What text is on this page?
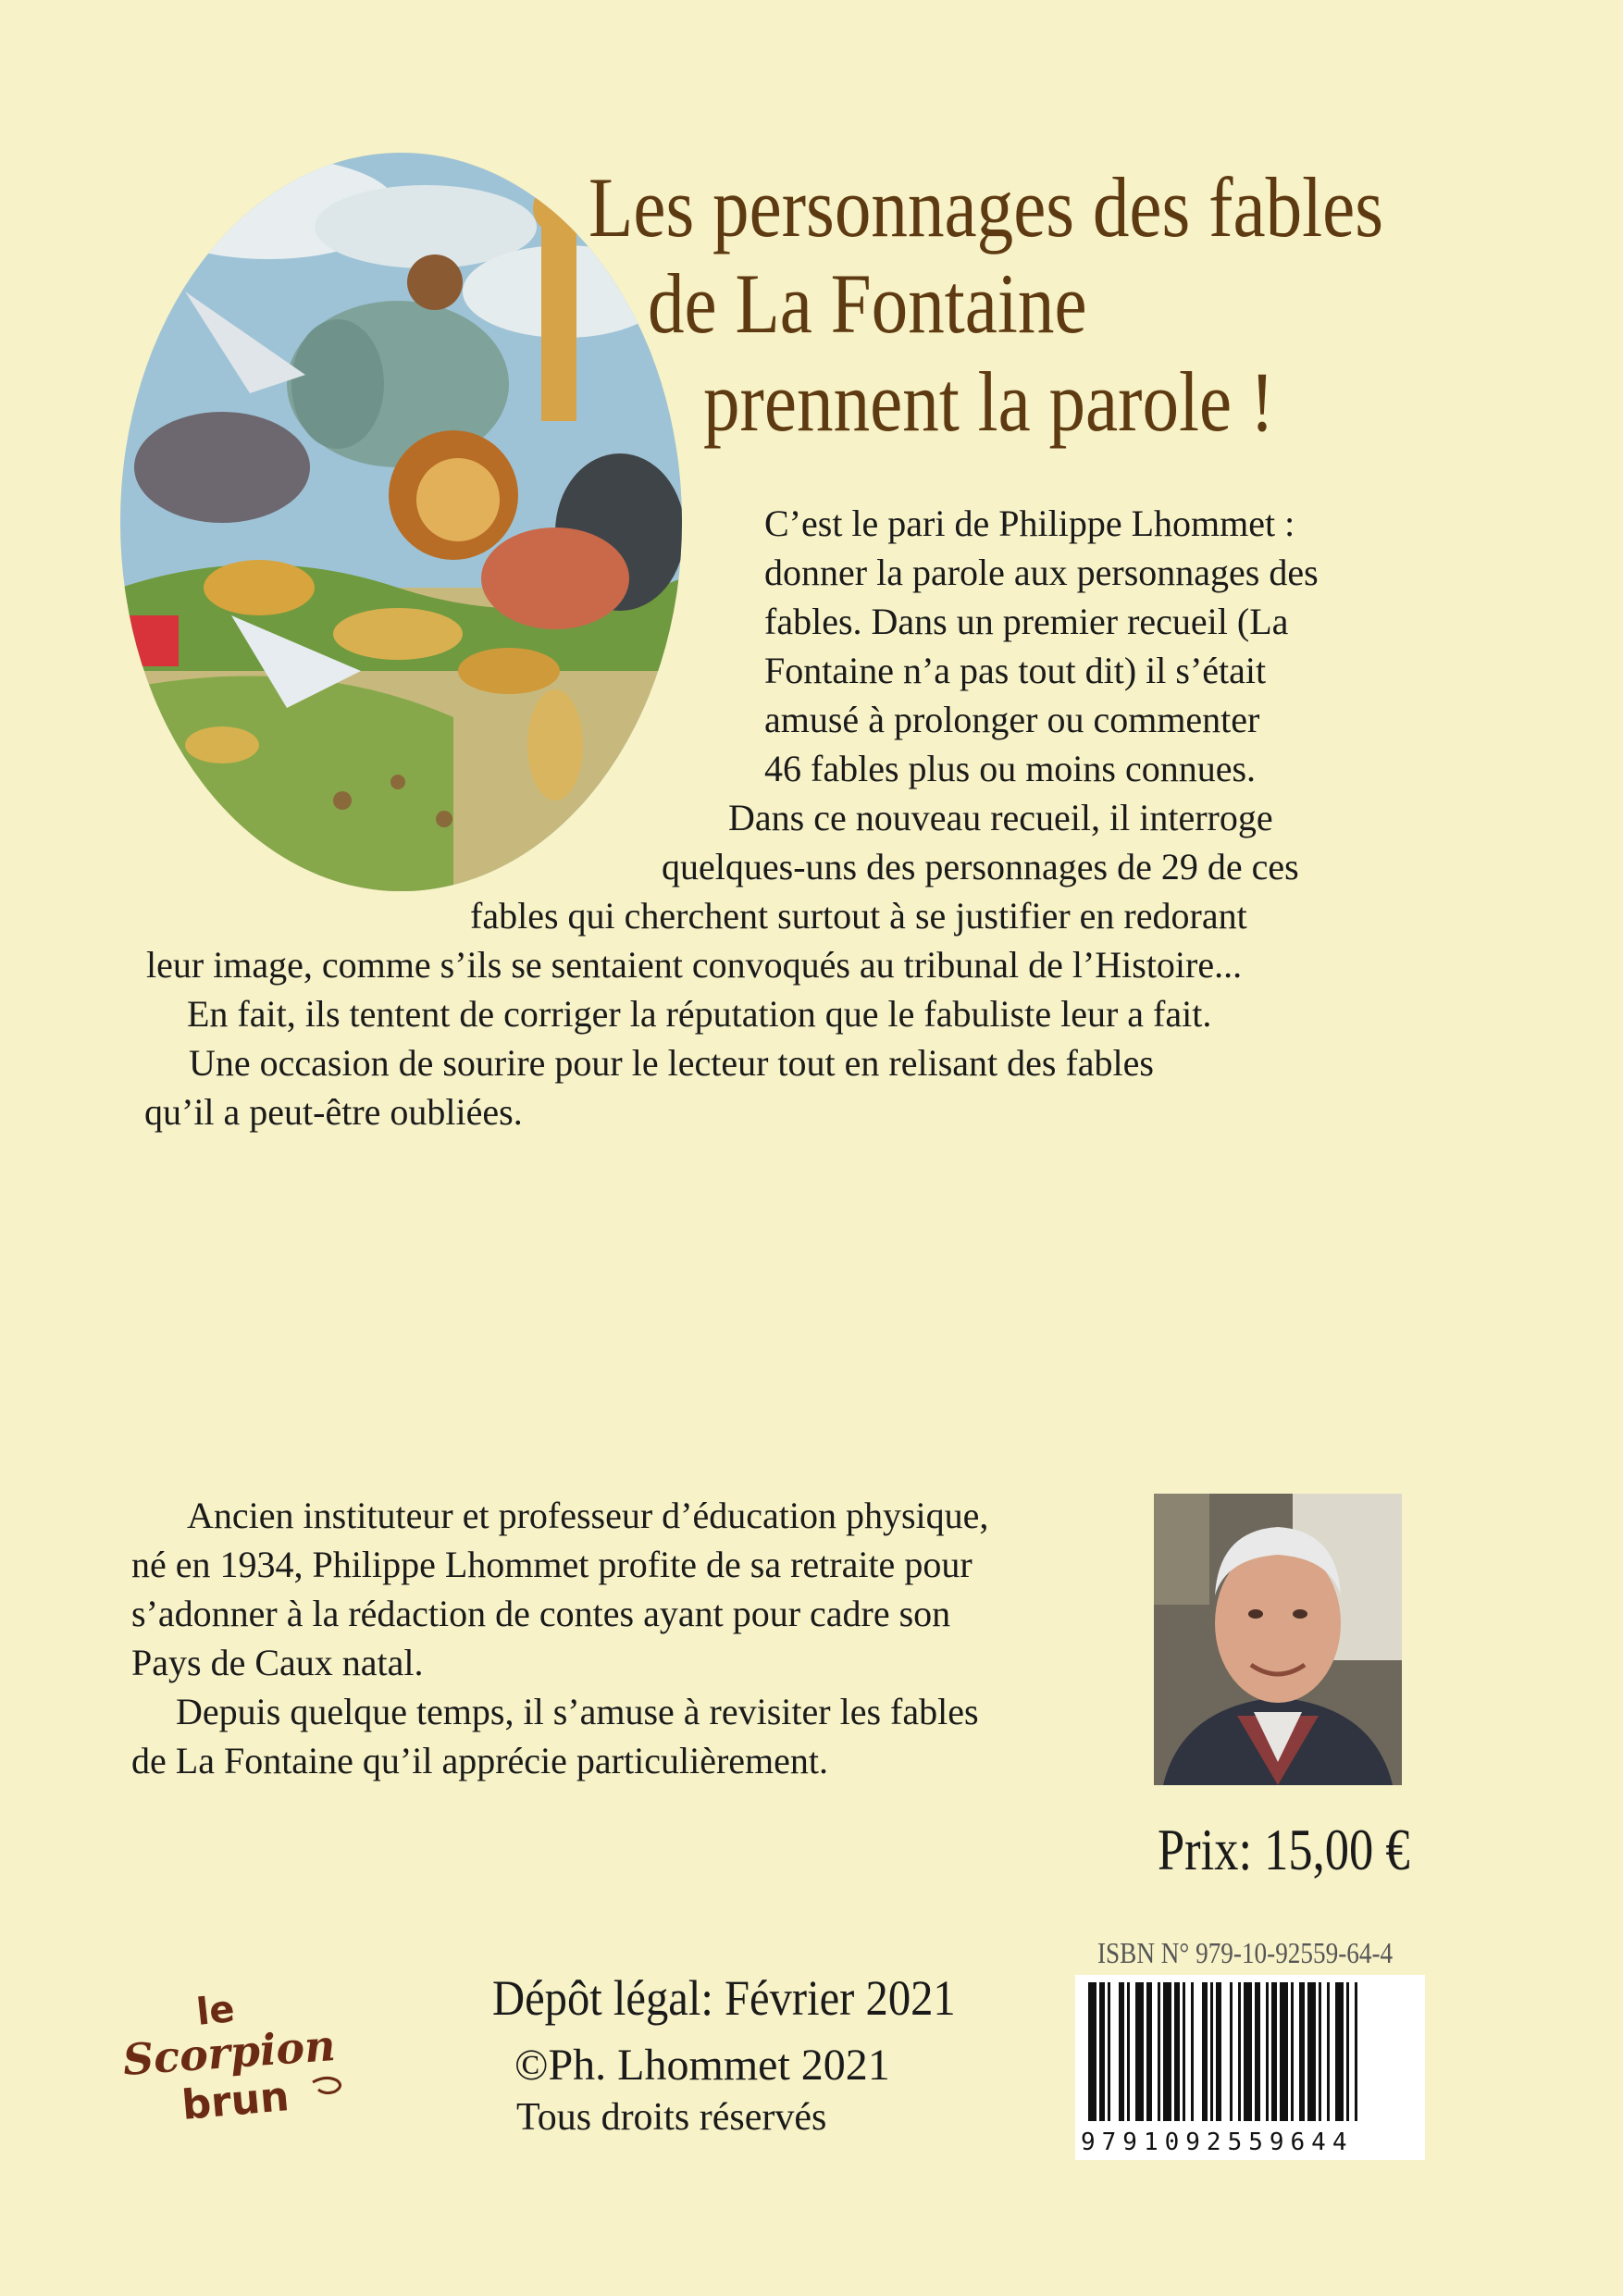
Les personnages des fables
de La Fontaine
prennent la parole !
C’est le pari de Philippe Lhommet :
donner la parole aux personnages des
fables. Dans un premier recueil (La
Fontaine n’a pas tout dit) il s’était
amusé à prolonger ou commenter
46 fables plus ou moins connues.
Dans ce nouveau recueil, il interroge
quelques-uns des personnages de 29 de ces
fables qui cherchent surtout à se justifier en redorant
leur image, comme s’ils se sentaient convoqués au tribunal de l’Histoire...
En fait, ils tentent de corriger la réputation que le fabuliste leur a fait.
Une occasion de sourire pour le lecteur tout en relisant des fables
qu’il a peut-être oubliées.
Ancien instituteur et professeur d’éducation physique,
né en 1934, Philippe Lhommet profite de sa retraite pour
s’adonner à la rédaction de contes ayant pour cadre son
Pays de Caux natal.
Depuis quelque temps, il s’amuse à revisiter les fables
de La Fontaine qu’il apprécie particulièrement.
Prix: 15,00 €
ISBN N° 979-10-92559-64-4
9791092559644
Dépôt légal: Février 2021
©Ph. Lhommet 2021
Tous droits réservés
le
Scorpion
brun
